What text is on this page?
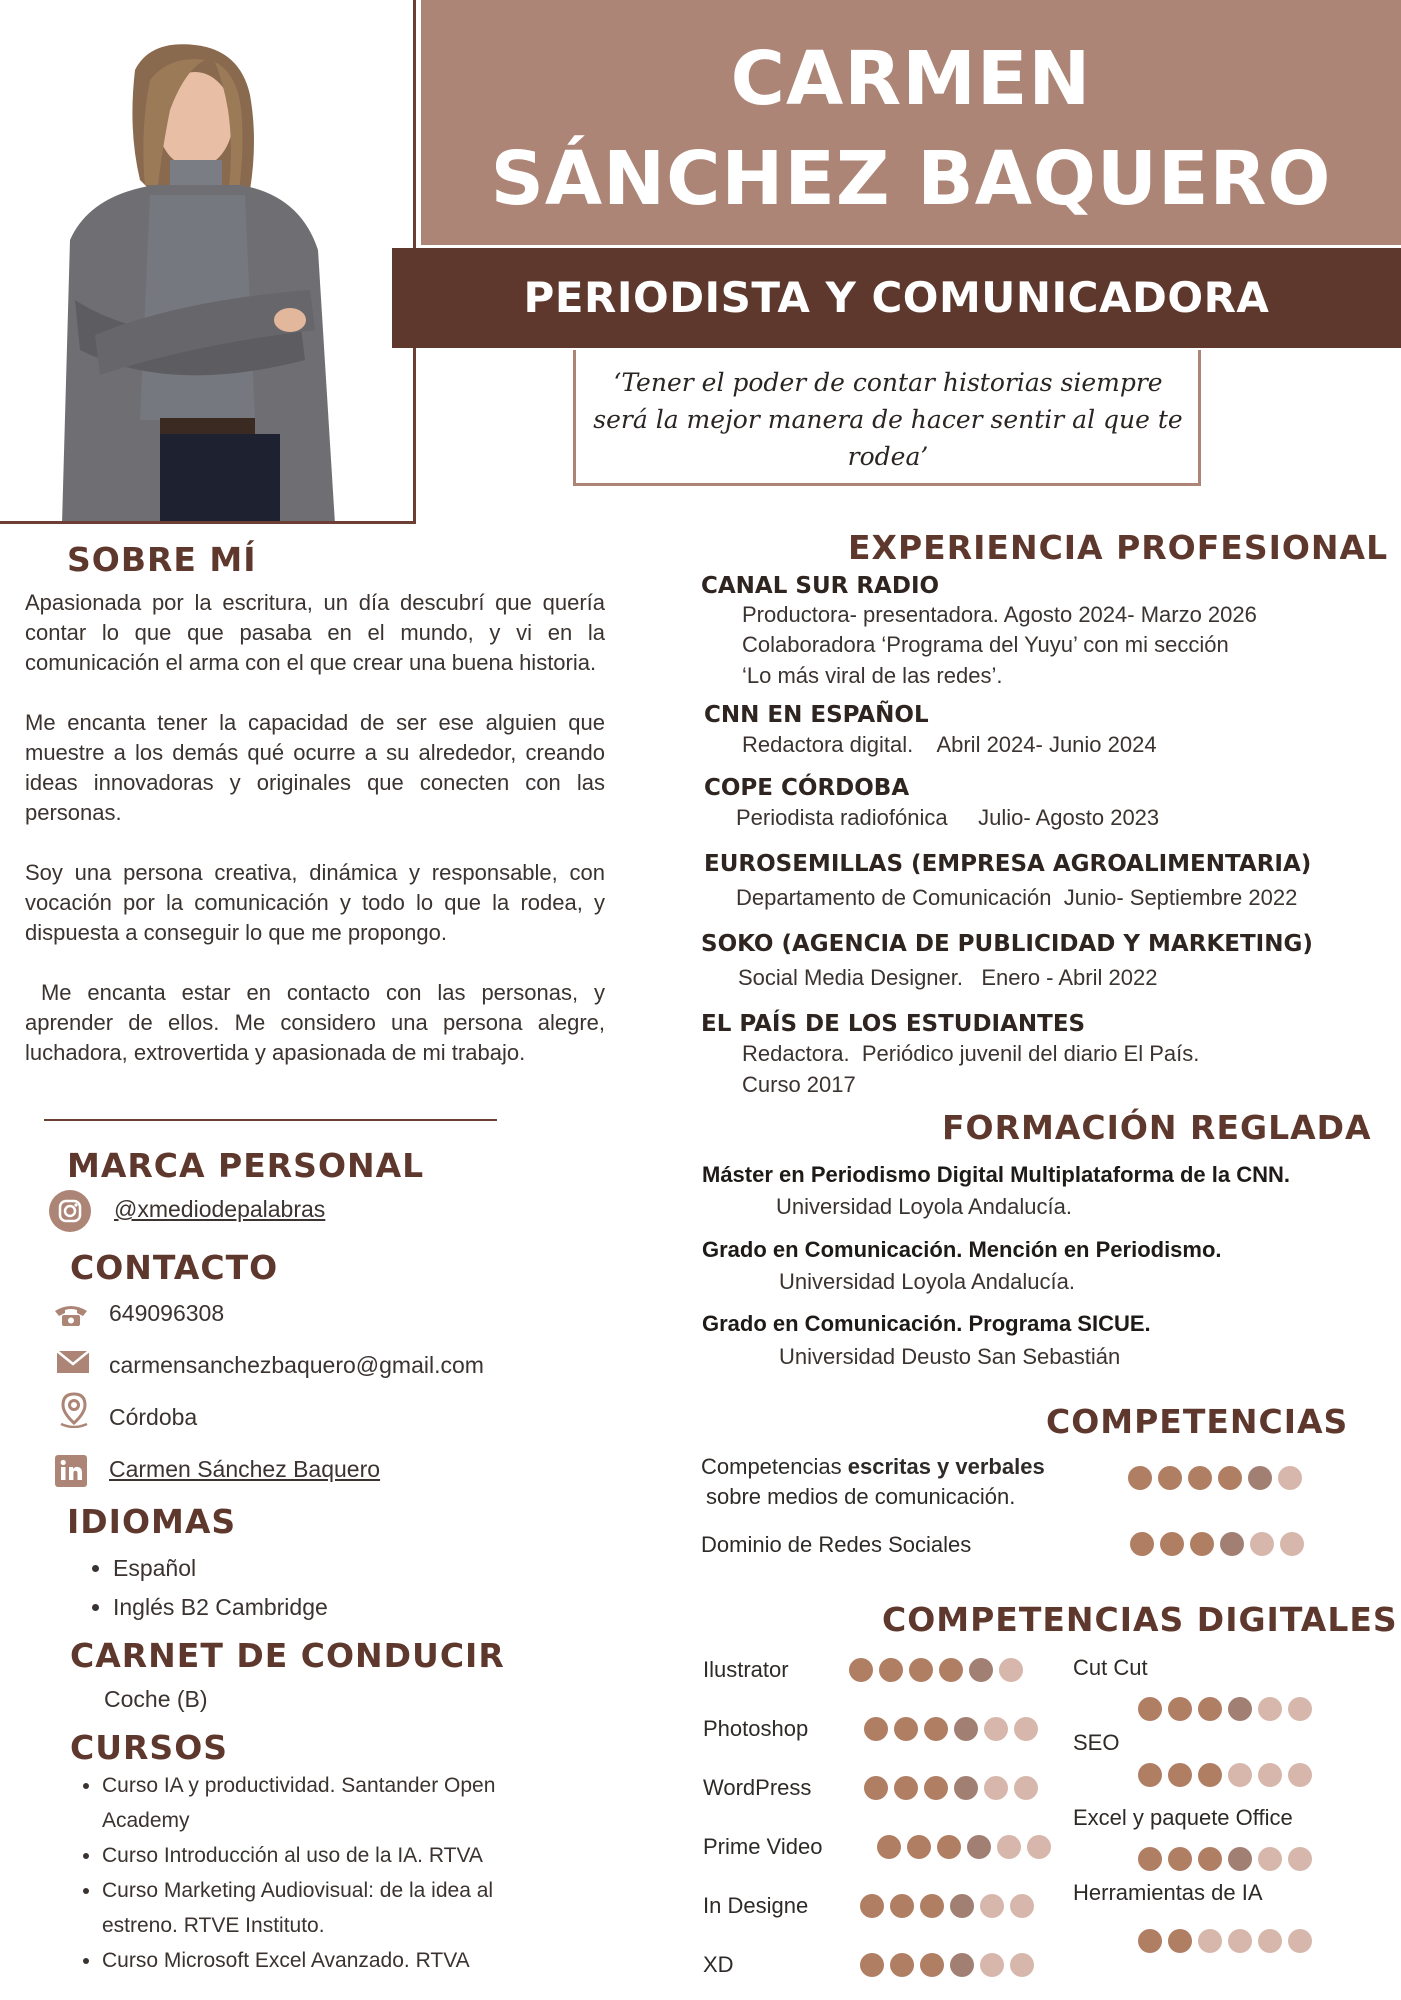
CARMEN
SÁNCHEZ BAQUERO
PERIODISTA Y COMUNICADORA
‘Tener el poder de contar historias siempre será la mejor manera de hacer sentir al que te rodea’
SOBRE MÍ

Apasionada por la escritura, un día descubrí que quería contar lo que que pasaba en el mundo, y vi en la comunicación el arma con el que crear una buena historia.

Me encanta tener la capacidad de ser ese alguien que muestre a los demás qué ocurre a su alrededor, creando ideas innovadoras y originales que conecten con las personas.

Soy una persona creativa, dinámica y responsable, con vocación por la comunicación y todo lo que la rodea, y dispuesta a conseguir lo que me propongo.

Me encanta estar en contacto con las personas, y aprender de ellos. Me considero una persona alegre, luchadora, extrovertida y apasionada de mi trabajo.

MARCA PERSONAL
@xmediodepalabras
CONTACTO
649096308
carmensanchezbaquero@gmail.com
Córdoba
Carmen Sánchez Baquero
IDIOMAS
• Español
• Inglés B2 Cambridge
CARNET DE CONDUCIR
Coche (B)
CURSOS
• Curso IA y productividad. Santander Open Academy
• Curso Introducción al uso de la IA. RTVA
• Curso Marketing Audiovisual: de la idea al estreno. RTVE Instituto.
• Curso Microsoft Excel Avanzado. RTVA
EXPERIENCIA PROFESIONAL
CANAL SUR RADIO
Productora- presentadora. Agosto 2024- Marzo 2026
Colaboradora ‘Programa del Yuyu’ con mi sección
‘Lo más viral de las redes’.
CNN EN ESPAÑOL
Redactora digital.    Abril 2024- Junio 2024
COPE CÓRDOBA
Periodista radiofónica     Julio- Agosto 2023
EUROSEMILLAS (EMPRESA AGROALIMENTARIA)
Departamento de Comunicación  Junio- Septiembre 2022
SOKO (AGENCIA DE PUBLICIDAD Y MARKETING)
Social Media Designer.   Enero - Abril 2022
EL PAÍS DE LOS ESTUDIANTES
Redactora.  Periódico juvenil del diario El País.
Curso 2017
FORMACIÓN REGLADA
Máster en Periodismo Digital Multiplataforma de la CNN.
Universidad Loyola Andalucía.
Grado en Comunicación. Mención en Periodismo.
Universidad Loyola Andalucía.
Grado en Comunicación. Programa SICUE.
Universidad Deusto San Sebastián
COMPETENCIAS
Competencias escritas y verbales
sobre medios de comunicación.
Dominio de Redes Sociales
COMPETENCIAS DIGITALES
Ilustrator
Photoshop
WordPress
Prime Video
In Designe
XD
Cut Cut
SEO
Excel y paquete Office
Herramientas de IA
